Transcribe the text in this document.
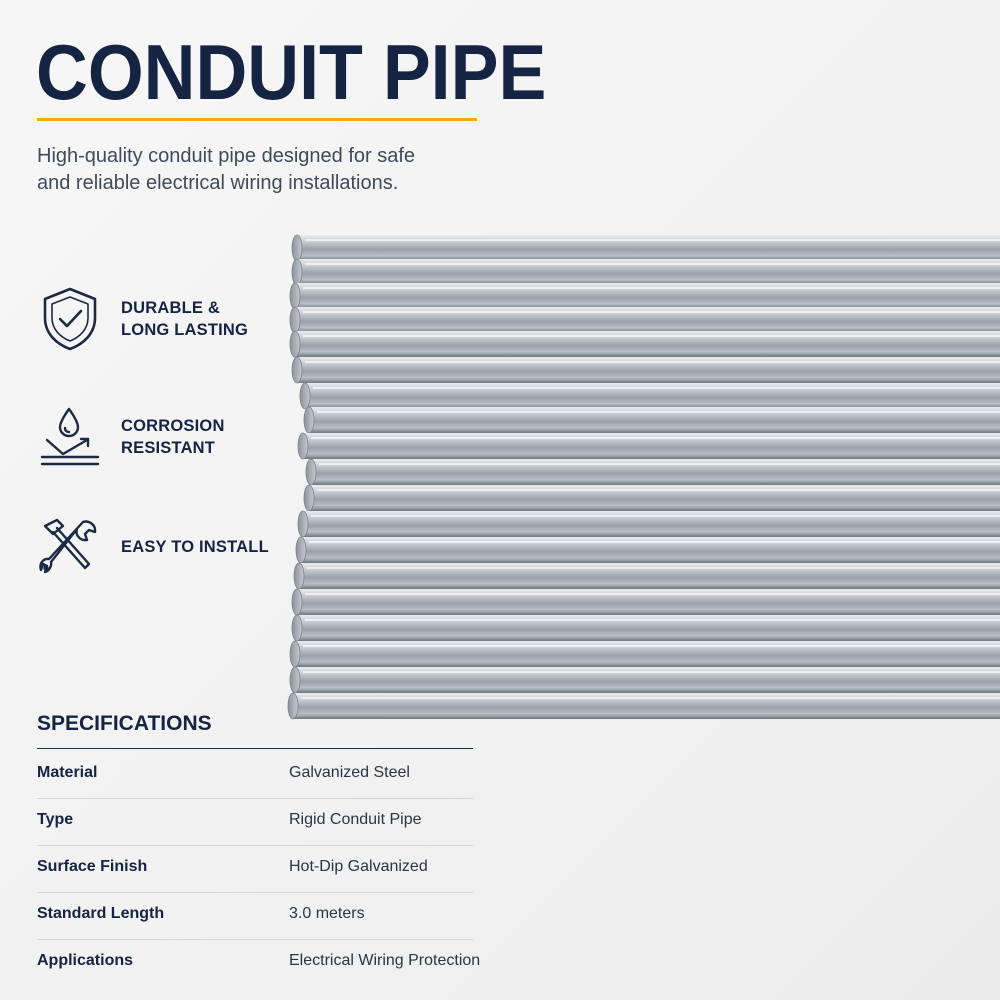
CONDUIT PIPE

High-quality conduit pipe designed for safe and reliable electrical wiring installations.

DURABLE &
LONG LASTING
CORROSION
RESISTANT
EASY TO INSTALL
SPECIFICATIONS
Material	Galvanized Steel
Type	Rigid Conduit Pipe
Surface Finish	Hot-Dip Galvanized
Standard Length	3.0 meters
Applications	Electrical Wiring Protection
